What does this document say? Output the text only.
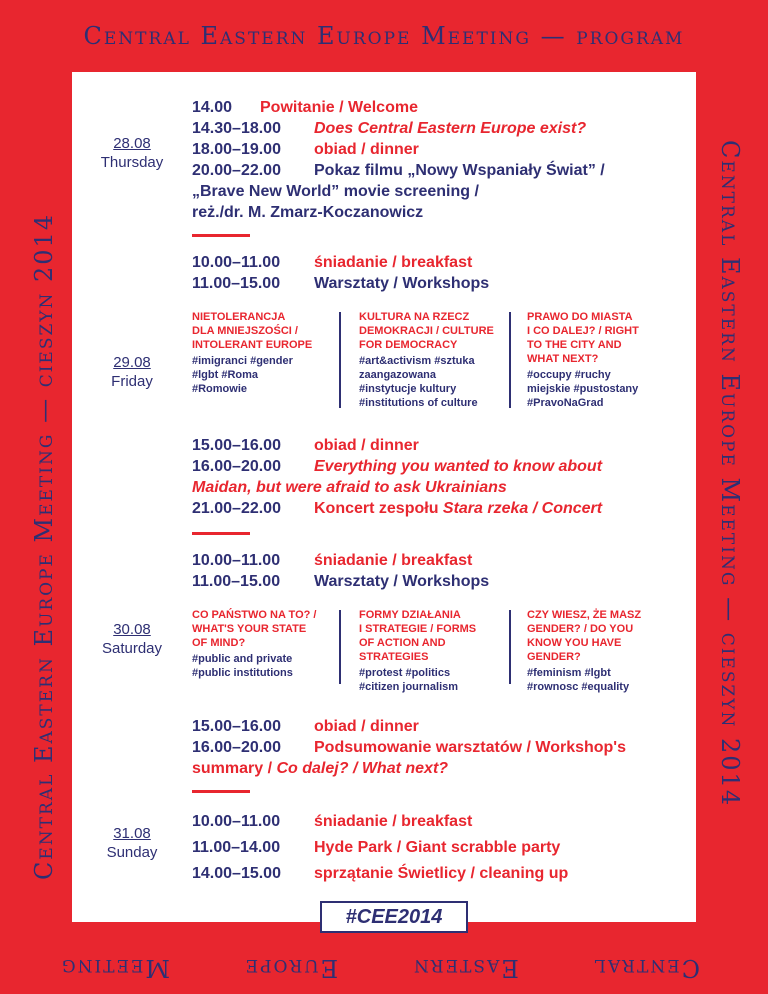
Central Eastern Europe Meeting — program
Central Eastern Europe Meeting — cieszyn 2014	Central Eastern Europe Meeting — cieszyn 2014
Central
Eastern
Europe
Meeting
28.08
Thursday
14.00 Powitanie / Welcome
14.30–18.00 Does Central Eastern Europe exist?
18.00–19.00 obiad / dinner
20.00–22.00 Pokaz filmu „Nowy Wspaniały Świat” /
„Brave New World” movie screening /
reż./dr. M. Zmarz-Koczanowicz
29.08
Friday
10.00–11.00 śniadanie / breakfast
11.00–15.00 Warsztaty / Workshops
NIETOLERANCJA
DLA MNIEJSZOŚCI /
INTOLERANT EUROPE
#imigranci #gender
#lgbt #Roma
#Romowie
KULTURA NA RZECZ
DEMOKRACJI / CULTURE
FOR DEMOCRACY
#art&activism #sztuka
zaangazowana
#instytucje kultury
#institutions of culture
PRAWO DO MIASTA
I CO DALEJ? / RIGHT
TO THE CITY AND
WHAT NEXT?
#occupy #ruchy
miejskie #pustostany
#PravoNaGrad
15.00–16.00 obiad / dinner
16.00–20.00 Everything you wanted to know about
Maidan, but were afraid to ask Ukrainians
21.00–22.00 Koncert zespołu Stara rzeka / Concert
30.08
Saturday
10.00–11.00 śniadanie / breakfast
11.00–15.00 Warsztaty / Workshops
CO PAŃSTWO NA TO? /
WHAT'S YOUR STATE
OF MIND?
#public and private
#public institutions
FORMY DZIAŁANIA
I STRATEGIE / FORMS
OF ACTION AND
STRATEGIES
#protest #politics
#citizen journalism
CZY WIESZ, ŻE MASZ
GENDER? / DO YOU
KNOW YOU HAVE
GENDER?
#feminism #lgbt
#rownosc #equality
15.00–16.00 obiad / dinner
16.00–20.00 Podsumowanie warsztatów / Workshop's
summary / Co dalej? / What next?
31.08
Sunday
10.00–11.00 śniadanie / breakfast
11.00–14.00 Hyde Park / Giant scrabble party
14.00–15.00 sprzątanie Świetlicy / cleaning up
#CEE2014
